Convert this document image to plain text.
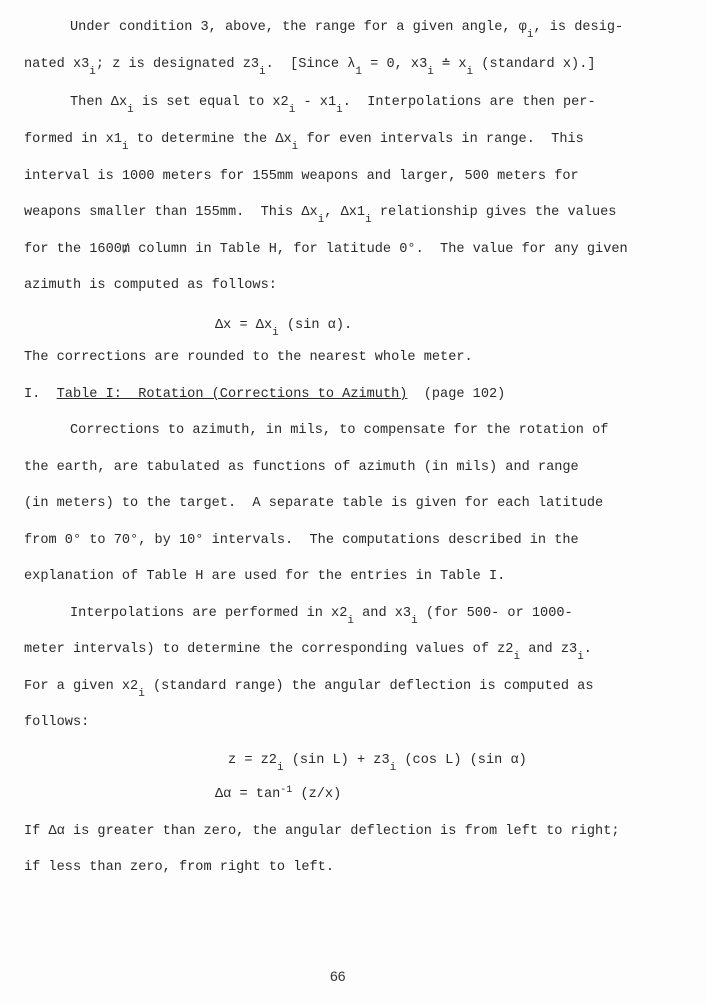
Under condition 3, above, the range for a given angle, $\varphi_i$, is desig-
nated $x3_i$; z is designated $z3_i$.  [Since $\lambda_1 = 0$, $x3_i$ ≐ $x_i$ (standard x).]
Then $\Delta x_i$ is set equal to $x2_i - x1_i$.  Interpolations are then per-
formed in $x1_i$ to determine the $\Delta x_i$ for even intervals in range.  This
interval is 1000 meters for 155mm weapons and larger, 500 meters for
weapons smaller than 155mm.  This $\Delta x_i$, $\Delta x1_i$ relationship gives the values
for the 1600₥ column in Table H, for latitude 0°.  The value for any given
azimuth is computed as follows:
$\Delta x = \Delta x_i$ (sin α).
The corrections are rounded to the nearest whole meter.
I.  Table I:  Rotation (Corrections to Azimuth)  (page 102)
Corrections to azimuth, in mils, to compensate for the rotation of
the earth, are tabulated as functions of azimuth (in mils) and range
(in meters) to the target.  A separate table is given for each latitude
from 0° to 70°, by 10° intervals.  The computations described in the
explanation of Table H are used for the entries in Table I.
Interpolations are performed in $x2_i$ and $x3_i$ (for 500- or 1000-
meter intervals) to determine the corresponding values of $z2_i$ and $z3_i$.
For a given $x2_i$ (standard range) the angular deflection is computed as
follows:
$z = z2_i$ (sin $L) + z3_i$ (cos L) (sin α)
$\Delta\alpha = \tan^{-1} (z/x)$
If Δα is greater than zero, the angular deflection is from left to right;
if less than zero, from right to left.
66
